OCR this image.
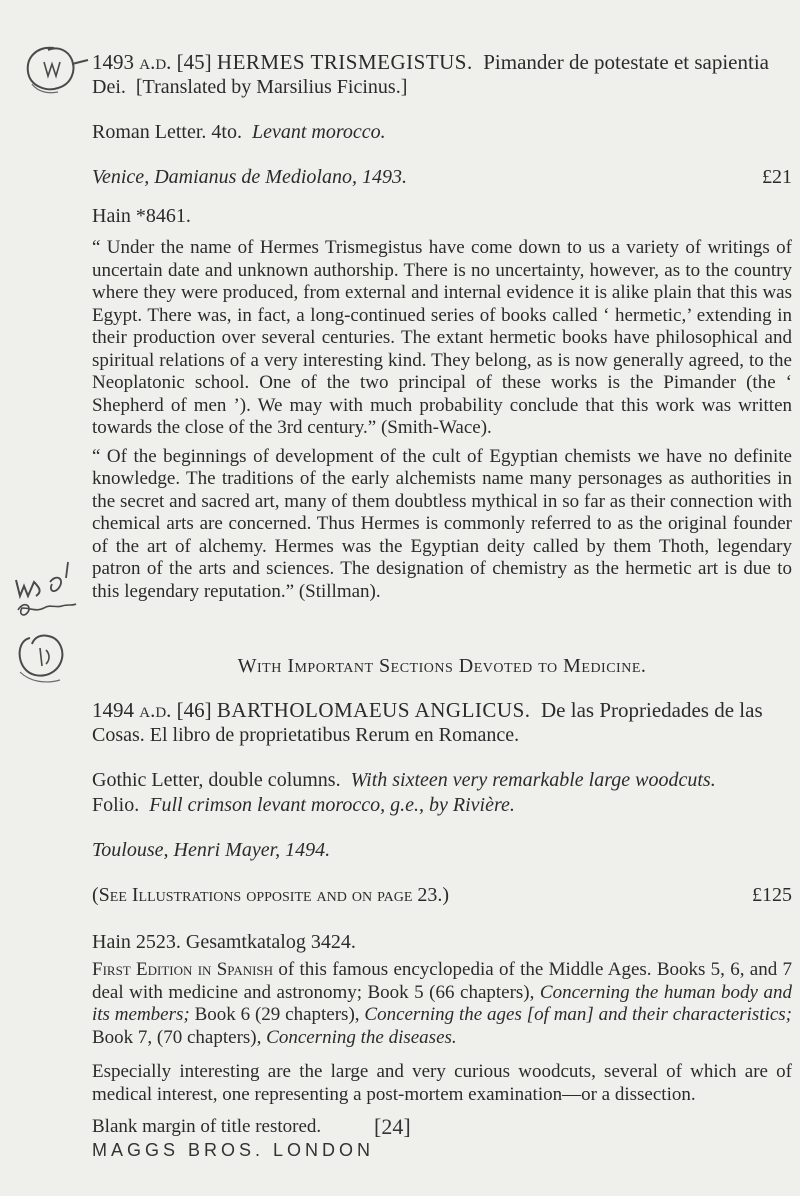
1493 a.d. [45] HERMES TRISMEGISTUS. Pimander de potestate et sapientia
Dei. [Translated by Marsilius Ficinus.]
Roman Letter. 4to. Levant morocco.
Venice, Damianus de Mediolano, 1493.	£21
Hain *8461.

“ Under the name of Hermes Trismegistus have come down to us a variety of writings of uncertain date and unknown authorship. There is no uncertainty, however, as to the country where they were produced, from external and internal evidence it is alike plain that this was Egypt. There was, in fact, a long-continued series of books called ‘ hermetic,’ extending in their production over several centuries. The extant hermetic books have philosophical and spiritual relations of a very interesting kind. They belong, as is now generally agreed, to the Neoplatonic school. One of the two principal of these works is the Pimander (the ‘ Shepherd of men ’). We may with much probability conclude that this work was written towards the close of the 3rd century.” (Smith-Wace).

“ Of the beginnings of development of the cult of Egyptian chemists we have no definite knowledge. The traditions of the early alchemists name many personages as authorities in the secret and sacred art, many of them doubtless mythical in so far as their connection with chemical arts are concerned. Thus Hermes is commonly referred to as the original founder of the art of alchemy. Hermes was the Egyptian deity called by them Thoth, legendary patron of the arts and sciences. The designation of chemistry as the hermetic art is due to this legendary reputation.” (Stillman).

With Important Sections Devoted to Medicine.
1494 a.d. [46] BARTHOLOMAEUS ANGLICUS. De las Propriedades de las
Cosas. El libro de proprietatibus Rerum en Romance.
Gothic Letter, double columns. With sixteen very remarkable large woodcuts.
Folio. Full crimson levant morocco, g.e., by Rivière.
Toulouse, Henri Mayer, 1494.
(See Illustrations opposite and on page 23.)	£125
Hain 2523. Gesamtkatalog 3424.

First Edition in Spanish of this famous encyclopedia of the Middle Ages. Books 5, 6, and 7 deal with medicine and astronomy; Book 5 (66 chapters), Concerning the human body and its members; Book 6 (29 chapters), Concerning the ages [of man] and their characteristics; Book 7, (70 chapters), Concerning the diseases.

Especially interesting are the large and very curious woodcuts, several of which are of medical interest, one representing a post-mortem examination—or a dissection.

Blank margin of title restored.	[24]
MAGGS BROS. LONDON
